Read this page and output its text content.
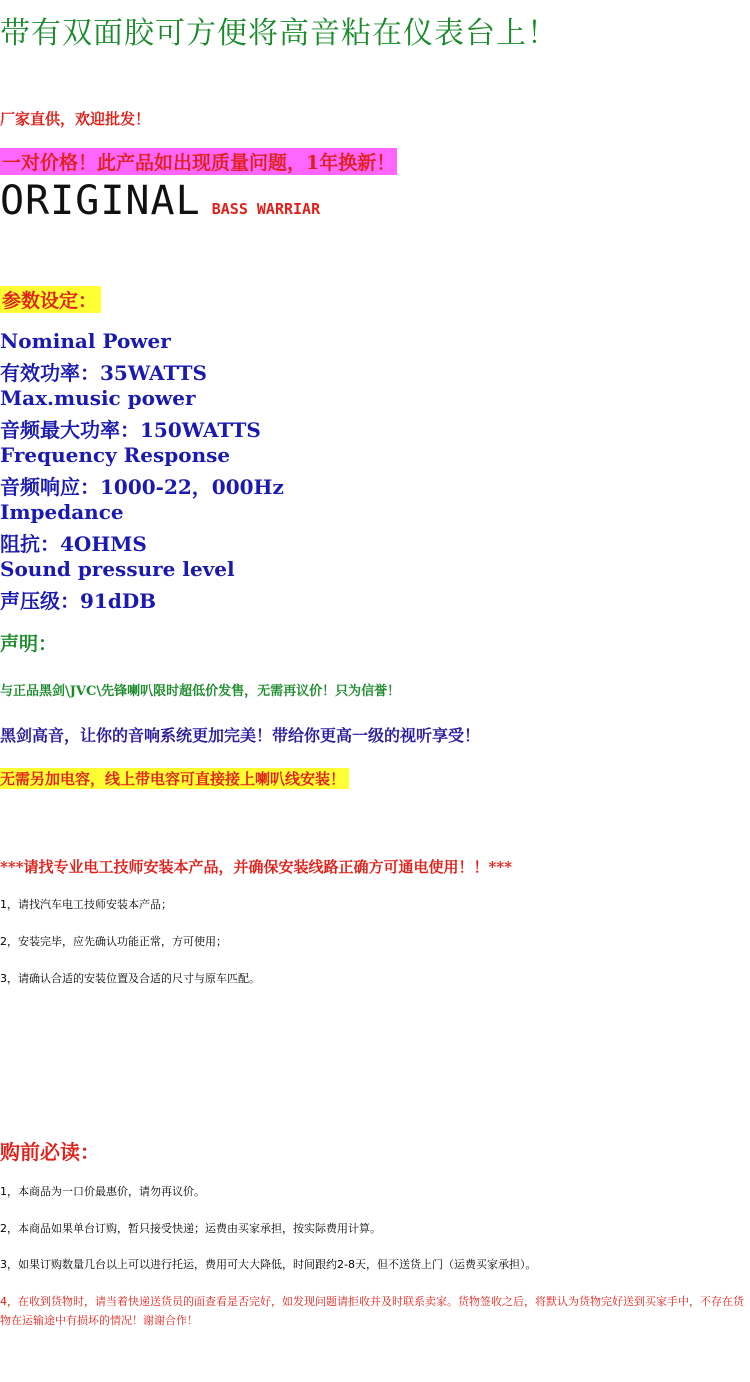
带有双面胶可方便将高音粘在仪表台上！
厂家直供，欢迎批发！
一对价格！此产品如出现质量问题，1年换新！
ORIGINAL BASS WARRIAR
参数设定：
Nominal Power
有效功率：35WATTS
Max.music power
音频最大功率：150WATTS
Frequency Response
音频响应：1000-22，000Hz
Impedance
阻抗：4OHMS
Sound pressure level
声压级：91dDB
声明：
与正品黑剑\JVC\先锋喇叭限时超低价发售，无需再议价！只为信誉！
黑剑高音，让你的音响系统更加完美！带给你更高一级的视听享受！
无需另加电容，线上带电容可直接接上喇叭线安装！
***请找专业电工技师安装本产品，并确保安装线路正确方可通电使用！！***
1，请找汽车电工技师安装本产品；
2，安装完毕，应先确认功能正常，方可使用；
3，请确认合适的安装位置及合适的尺寸与原车匹配。
购前必读：
1，本商品为一口价最惠价，请勿再议价。
2，本商品如果单台订购，暂只接受快递；运费由买家承担，按实际费用计算。
3，如果订购数量几台以上可以进行托运，费用可大大降低，时间跟约2-8天，但不送货上门（运费买家承担）。
4，在收到货物时，请当着快递送货员的面查看是否完好，如发现问题请拒收并及时联系卖家。货物签收之后，将默认为货物完好送到买家手中，不存在货物在运输途中有损坏的情况！谢谢合作！
